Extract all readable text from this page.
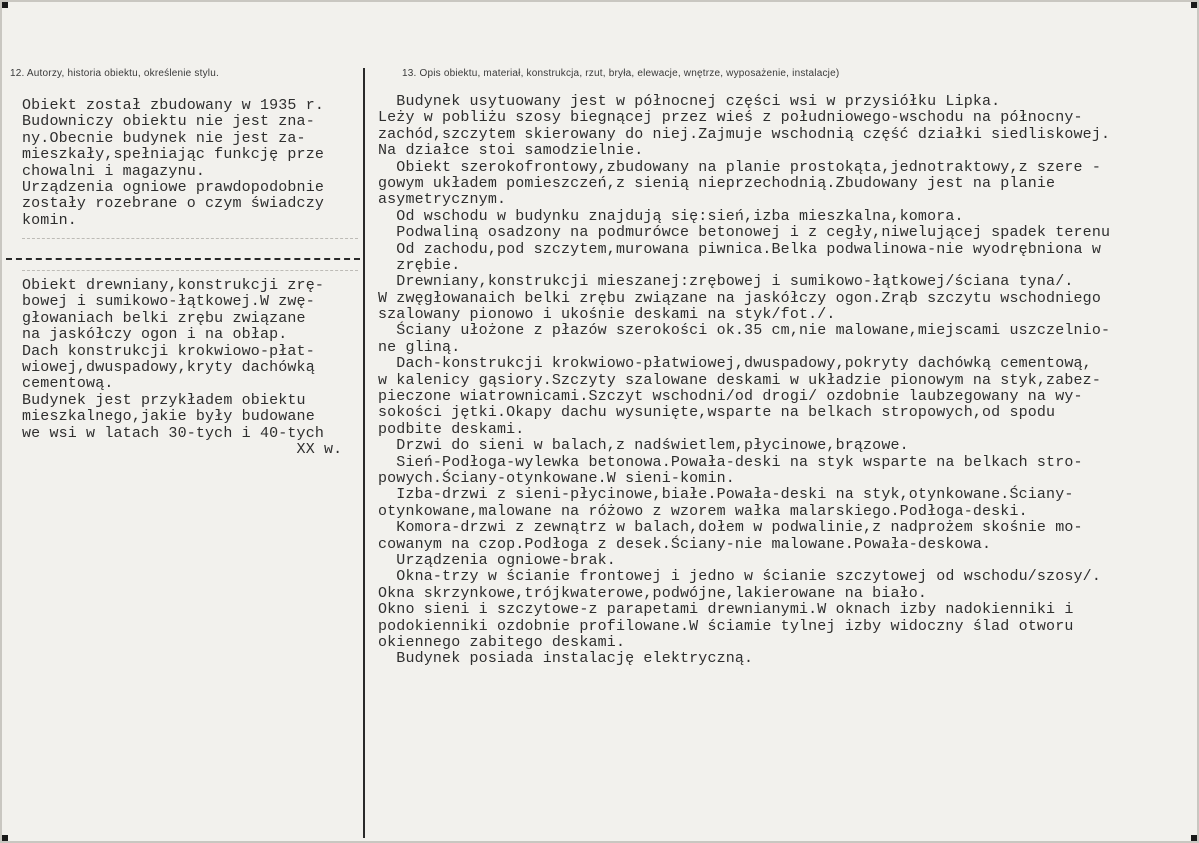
12. Autorzy, historia obiektu, określenie stylu.	13. Opis obiektu, materiał, konstrukcja, rzut, bryła, elewacje, wnętrze, wyposażenie, instalacje)
Obiekt został zbudowany w 1935 r.
Budowniczy obiektu nie jest zna-
ny.Obecnie budynek nie jest za-
mieszkały,spełniając funkcję prze
chowalni i magazynu.
Urządzenia ogniowe prawdopodobnie
zostały rozebrane o czym świadczy
komin.
Obiekt drewniany,konstrukcji zrę-
bowej i sumikowo-łątkowej.W zwę-
głowaniach belki zrębu związane
na jaskółczy ogon i na obłap.
Dach konstrukcji krokwiowo-płat-
wiowej,dwuspadowy,kryty dachówką
cementową.
Budynek jest przykładem obiektu
mieszkalnego,jakie były budowane
we wsi w latach 30-tych i 40-tych
XX w.
Budynek usytuowany jest w północnej części wsi w przysiółku Lipka.
Leży w pobliżu szosy biegnącej przez wieś z południowego-wschodu na północny-
zachód,szczytem skierowany do niej.Zajmuje wschodnią część działki siedliskowej.
Na działce stoi samodzielnie.
Obiekt szerokofrontowy,zbudowany na planie prostokąta,jednotraktowy,z szere -
gowym układem pomieszczeń,z sienią nieprzechodnią.Zbudowany jest na planie
asymetrycznym.
Od wschodu w budynku znajdują się:sień,izba mieszkalna,komora.
Podwaliną osadzony na podmurówce betonowej i z cegły,niwelującej spadek terenu
Od zachodu,pod szczytem,murowana piwnica.Belka podwalinowa-nie wyodrębniona w
zrębie.
Drewniany,konstrukcji mieszanej:zrębowej i sumikowo-łątkowej/ściana tyna/.
W zwęgłowanaich belki zrębu związane na jaskółczy ogon.Zrąb szczytu wschodniego
szalowany pionowo i ukośnie deskami na styk/fot./.
Ściany ułożone z płazów szerokości ok.35 cm,nie malowane,miejscami uszczelnio-
ne gliną.
Dach-konstrukcji krokwiowo-płatwiowej,dwuspadowy,pokryty dachówką cementową,
w kalenicy gąsiory.Szczyty szalowane deskami w układzie pionowym na styk,zabez-
pieczone wiatrownicami.Szczyt wschodni/od drogi/ ozdobnie laubzegowany na wy-
sokości jętki.Okapy dachu wysunięte,wsparte na belkach stropowych,od spodu
podbite deskami.
Drzwi do sieni w balach,z nadświetlem,płycinowe,brązowe.
Sień-Podłoga-wylewka betonowa.Powała-deski na styk wsparte na belkach stro-
powych.Ściany-otynkowane.W sieni-komin.
Izba-drzwi z sieni-płycinowe,białe.Powała-deski na styk,otynkowane.Ściany-
otynkowane,malowane na różowo z wzorem wałka malarskiego.Podłoga-deski.
Komora-drzwi z zewnątrz w balach,dołem w podwalinie,z nadprożem skośnie mo-
cowanym na czop.Podłoga z desek.Ściany-nie malowane.Powała-deskowa.
Urządzenia ogniowe-brak.
Okna-trzy w ścianie frontowej i jedno w ścianie szczytowej od wschodu/szosy/.
Okna skrzynkowe,trójkwaterowe,podwójne,lakierowane na biało.
Okno sieni i szczytowe-z parapetami drewnianymi.W oknach izby nadokienniki i
podokienniki ozdobnie profilowane.W ściamie tylnej izby widoczny ślad otworu
okiennego zabitego deskami.
Budynek posiada instalację elektryczną.
